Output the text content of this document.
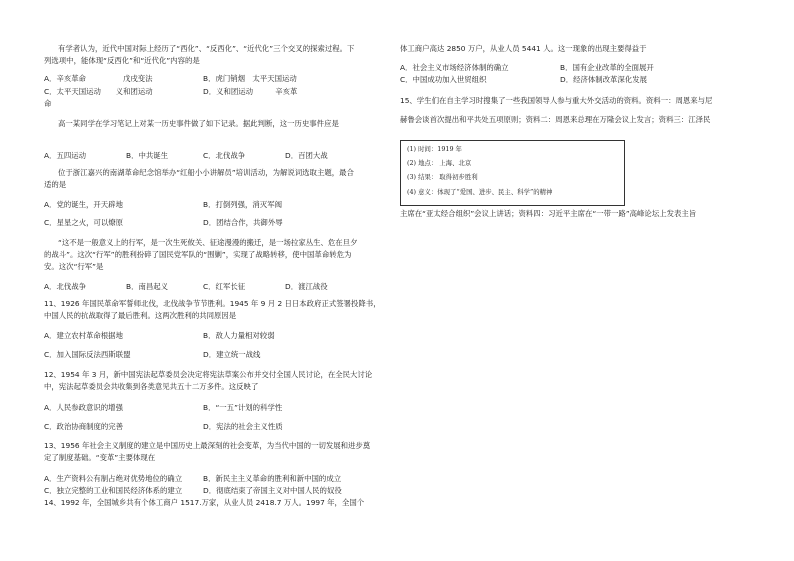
有学者认为，近代中国对际上经历了“西化”、“反西化”、“近代化”三个交叉的探索过程。下
列选项中，能体现“反西化”和“近代化”内容的是
A．辛亥革命　　　　　戊戌变法	B．虎门销烟　太平天国运动
C．太平天国运动　　义和团运动	D．义和团运动　　　辛亥革
命
高一某同学在学习笔记上对某一历史事件做了如下记录。据此判断，这一历史事件应是
A．五四运动	B．中共诞生	C．北伐战争	D．百团大战
位于浙江嘉兴的南湖革命纪念馆举办“红船小小讲解员”培训活动，为解说词选取主题，最合
适的是
A．党的诞生，开天辟地	B．打倒列强，消灭军阀
C．星星之火，可以燎原	D．团结合作，共御外辱
“这不是一般意义上的行军，是一次生死攸关、征途漫漫的搬迁，是一场拉家丛生、危在旦夕
的战斗”。这次“行军”的胜利扮碎了国民党军队的“围剿”，实现了战略转移，使中国革命转危为
安。这次“行军”是
A．北伐战争	B．南昌起义	C．红军长征	D．渡江战役
11、1926 年国民革命军誓师北伐，北伐战争节节胜利。1945 年 9 月 2 日日本政府正式签署投降书，
中国人民的抗战取得了最后胜利。这两次胜利的共同原因是
A．建立农村革命根据地	B．敌人力量相对较弱
C．加入国际反法西斯联盟	D．建立统一战线
12、1954 年 3 月，新中国宪法起草委员会决定将宪法草案公布并交付全国人民讨论，在全民大讨论
中，宪法起草委员会共收集到各类意见共五十二万多件。这反映了
A．人民参政意识的增强	B．“一五”计划的科学性
C．政治协商制度的完善	D．宪法的社会主义性质
13、1956 年社会主义制度的建立是中国历史上最深刻的社会变革，为当代中国的一切发展和进步奠
定了制度基础。“变革”主要体现在
A．生产资料公有制占绝对优势地位的确立	B．新民主主义革命的胜利和新中国的成立
C．独立完整的工业和国民经济体系的建立	D．彻底结束了帝国主义对中国人民的奴役
14、1992 年，全国城乡共有个体工商户 1517.万家，从业人员 2418.7 万人。1997 年，全国个
体工商户高达 2850 万户，从业人员 5441 人。这一现象的出现主要得益于
A．社会主义市场经济体制的确立	B．国有企业改革的全面展开
C．中国成功加入世贸组织	D．经济体制改革深化发展
15、学生们在自主学习时搜集了一些我国领导人参与重大外交活动的资料。资料一：周恩来与尼
赫鲁会谈首次提出和平共处五项原则；资料二：周恩来总理在万隆会议上发言；资料三：江泽民
(1) 时间：1919 年
(2) 地点： 上海、北京
(3) 结果： 取得初步胜利
(4) 意义：体现了“爱国、进步、民主、科学”的精神
主席在“亚太经合组织”会议上讲话；资料四：习近平主席在“一带一路”高峰论坛上发表主旨
